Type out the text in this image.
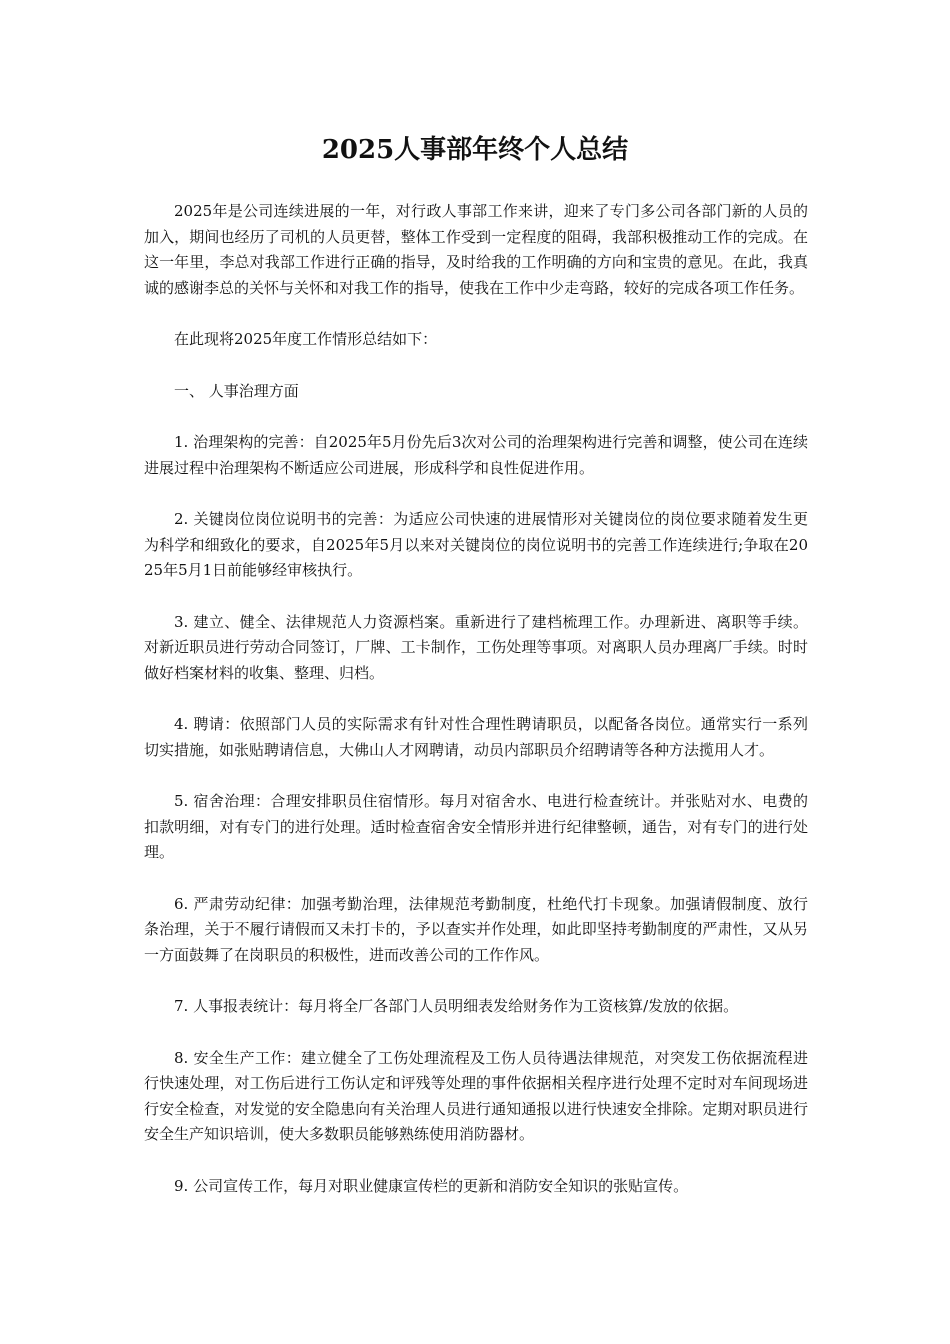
2025人事部年终个人总结

2025年是公司连续进展的一年，对行政人事部工作来讲，迎来了专门多公司各部门新的人员的加入，期间也经历了司机的人员更替，整体工作受到一定程度的阻碍，我部积极推动工作的完成。在这一年里，李总对我部工作进行正确的指导，及时给我的工作明确的方向和宝贵的意见。在此，我真诚的感谢李总的关怀与关怀和对我工作的指导，使我在工作中少走弯路，较好的完成各项工作任务。

在此现将2025年度工作情形总结如下：

一、 人事治理方面

1. 治理架构的完善：自2025年5月份先后3次对公司的治理架构进行完善和调整，使公司在连续进展过程中治理架构不断适应公司进展，形成科学和良性促进作用。

2. 关键岗位岗位说明书的完善：为适应公司快速的进展情形对关键岗位的岗位要求随着发生更为科学和细致化的要求，自2025年5月以来对关键岗位的岗位说明书的完善工作连续进行;争取在2025年5月1日前能够经审核执行。

3. 建立、健全、法律规范人力资源档案。重新进行了建档梳理工作。办理新进、离职等手续。对新近职员进行劳动合同签订，厂牌、工卡制作，工伤处理等事项。对离职人员办理离厂手续。时时做好档案材料的收集、整理、归档。

4. 聘请：依照部门人员的实际需求有针对性合理性聘请职员，以配备各岗位。通常实行一系列切实措施，如张贴聘请信息，大佛山人才网聘请，动员内部职员介绍聘请等各种方法揽用人才。

5. 宿舍治理：合理安排职员住宿情形。每月对宿舍水、电进行检查统计。并张贴对水、电费的扣款明细，对有专门的进行处理。适时检查宿舍安全情形并进行纪律整顿，通告，对有专门的进行处理。

6. 严肃劳动纪律：加强考勤治理，法律规范考勤制度，杜绝代打卡现象。加强请假制度、放行条治理，关于不履行请假而又未打卡的，予以查实并作处理，如此即坚持考勤制度的严肃性，又从另一方面鼓舞了在岗职员的积极性，进而改善公司的工作作风。

7. 人事报表统计：每月将全厂各部门人员明细表发给财务作为工资核算/发放的依据。

8. 安全生产工作：建立健全了工伤处理流程及工伤人员待遇法律规范，对突发工伤依据流程进行快速处理，对工伤后进行工伤认定和评残等处理的事件依据相关程序进行处理不定时对车间现场进行安全检查，对发觉的安全隐患向有关治理人员进行通知通报以进行快速安全排除。定期对职员进行安全生产知识培训，使大多数职员能够熟练使用消防器材。

9. 公司宣传工作，每月对职业健康宣传栏的更新和消防安全知识的张贴宣传。
